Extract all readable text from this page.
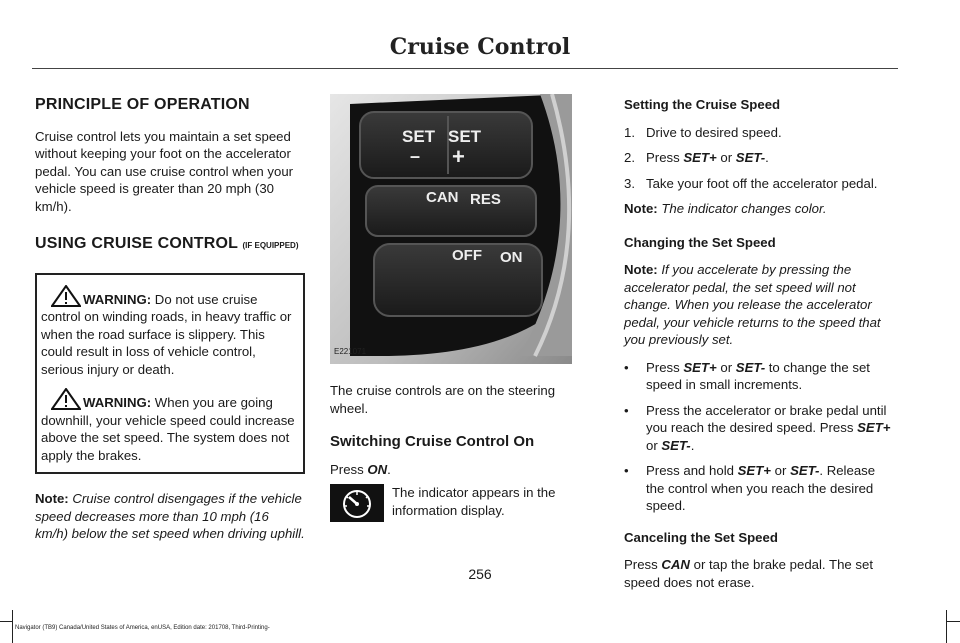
Cruise Control
PRINCIPLE OF OPERATION

Cruise control lets you maintain a set speed without keeping your foot on the accelerator pedal. You can use cruise control when your vehicle speed is greater than 20 mph (30 km/h).

USING CRUISE CONTROL (IF EQUIPPED)

WARNING: Do not use cruise control on winding roads, in heavy traffic or when the road surface is slippery. This could result in loss of vehicle control, serious injury or death.

WARNING: When you are going downhill, your vehicle speed could increase above the set speed. The system does not apply the brakes.

Note: Cruise control disengages if the vehicle speed decreases more than 10 mph (16 km/h) below the set speed when driving uphill.

SET
–
SET
+
CAN RES
OFF ON
E221071

The cruise controls are on the steering wheel.

Switching Cruise Control On

Press ON.

The indicator appears in the information display.
Setting the Cruise Speed
1. Drive to desired speed.
2. Press SET+ or SET-.
3. Take your foot off the accelerator pedal.

Note: The indicator changes color.

Changing the Set Speed

Note: If you accelerate by pressing the accelerator pedal, the set speed will not change. When you release the accelerator pedal, your vehicle returns to the speed that you previously set.

• Press SET+ or SET- to change the set speed in small increments.
• Press the accelerator or brake pedal until you reach the desired speed. Press SET+ or SET-.
• Press and hold SET+ or SET-. Release the control when you reach the desired speed.
Canceling the Set Speed

Press CAN or tap the brake pedal. The set speed does not erase.

256
Navigator (TB9) Canada/United States of America, enUSA, Edition date: 201708, Third-Printing-
